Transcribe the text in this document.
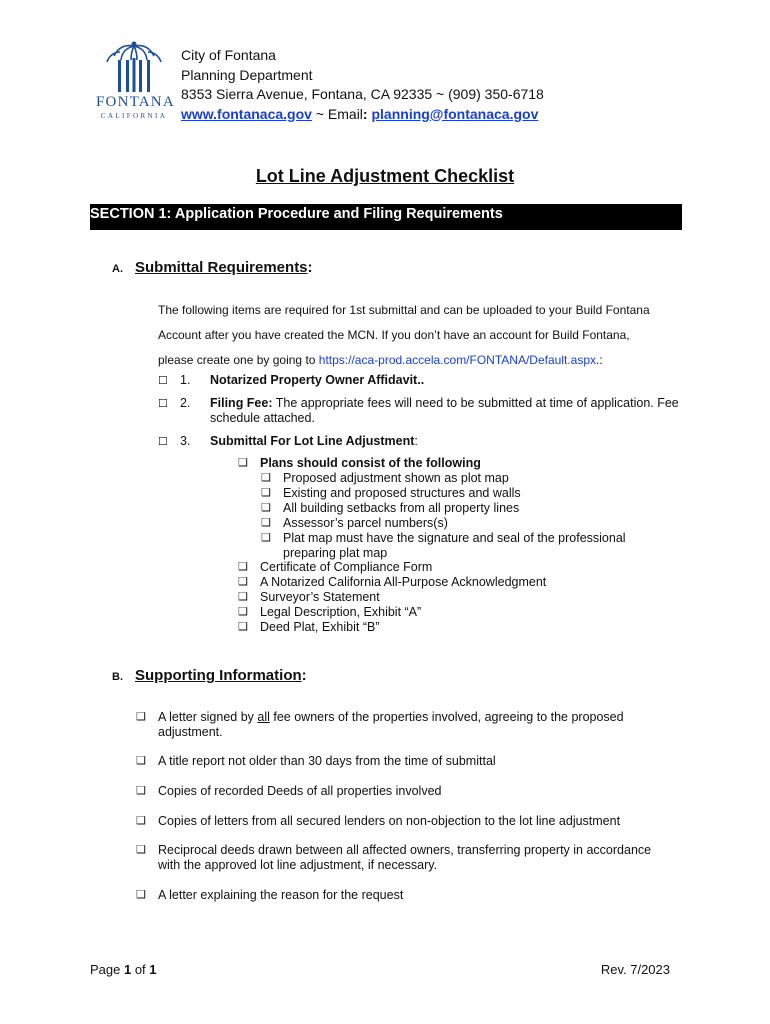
FONTANA
CALIFORNIA
City of Fontana
Planning Department
8353 Sierra Avenue, Fontana, CA 92335 ~ (909) 350-6718
www.fontanaca.gov ~ Email: planning@fontanaca.gov
Lot Line Adjustment Checklist
SECTION 1: Application Procedure and Filing Requirements
A. Submittal Requirements:
The following items are required for 1st submittal and can be uploaded to your Build Fontana
Account after you have created the MCN. If you don’t have an account for Build Fontana,
please create one by going to https://aca-prod.accela.com/FONTANA/Default.aspx.:
☐ 1. Notarized Property Owner Affidavit..
☐ 2. Filing Fee: The appropriate fees will need to be submitted at time of application. Fee schedule attached.
☐ 3. Submittal For Lot Line Adjustment:
❑ Plans should consist of the following
❑ Proposed adjustment shown as plot map
❑ Existing and proposed structures and walls
❑ All building setbacks from all property lines
❑ Assessor’s parcel numbers(s)
❑ Plat map must have the signature and seal of the professional preparing plat map
❑ Certificate of Compliance Form
❑ A Notarized California All-Purpose Acknowledgment
❑ Surveyor’s Statement
❑ Legal Description, Exhibit “A”
❑ Deed Plat, Exhibit “B”
B. Supporting Information:
❑ A letter signed by all fee owners of the properties involved, agreeing to the proposed adjustment.
❑ A title report not older than 30 days from the time of submittal
❑ Copies of recorded Deeds of all properties involved
❑ Copies of letters from all secured lenders on non-objection to the lot line adjustment
❑ Reciprocal deeds drawn between all affected owners, transferring property in accordance with the approved lot line adjustment, if necessary.
❑ A letter explaining the reason for the request
Page 1 of 1	Rev. 7/2023
